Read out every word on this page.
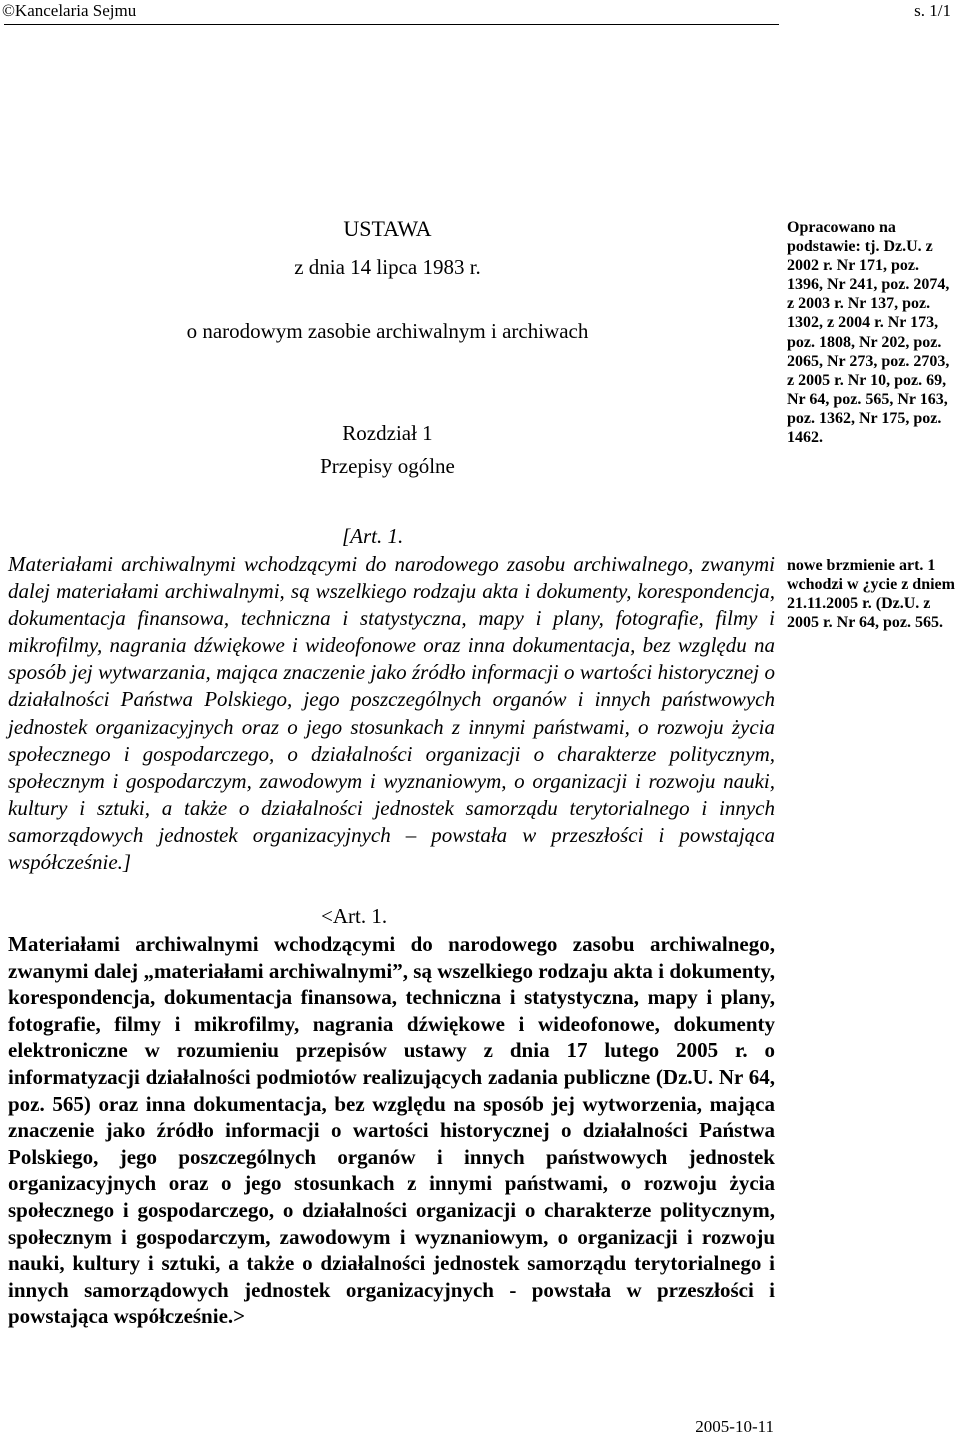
©Kancelaria Sejmu	s. 1/1
USTAWA
z dnia 14 lipca 1983 r.
o narodowym zasobie archiwalnym i archiwach
Rozdział 1
Przepisy ogólne
[Art. 1.
Materiałami archiwalnymi wchodzącymi do narodowego zasobu archiwalnego, zwanymi dalej materiałami archiwalnymi, są wszelkiego rodzaju akta i dokumenty, korespondencja, dokumentacja finansowa, techniczna i statystyczna, mapy i plany, fotografie, filmy i mikrofilmy, nagrania dźwiękowe i wideofonowe oraz inna dokumentacja, bez względu na sposób jej wytwarzania, mająca znaczenie jako źródło informacji o wartości historycznej o działalności Państwa Polskiego, jego poszczególnych organów i innych państwowych jednostek organizacyjnych oraz o jego stosunkach z innymi państwami, o rozwoju życia społecznego i gospodarczego, o działalności organizacji o charakterze politycznym, społecznym i gospodarczym, zawodowym i wyznaniowym, o organizacji i rozwoju nauki, kultury i sztuki, a także o działalności jednostek samorządu terytorialnego i innych samorządowych jednostek organizacyjnych – powstała w przeszłości i powstająca współcześnie.]
<Art. 1.
Materiałami archiwalnymi wchodzącymi do narodowego zasobu archiwalnego, zwanymi dalej „materiałami archiwalnymi”, są wszelkiego rodzaju akta i dokumenty, korespondencja, dokumentacja finansowa, techniczna i statystyczna, mapy i plany, fotografie, filmy i mikrofilmy, nagrania dźwiękowe i wideofonowe, dokumenty elektroniczne w rozumieniu przepisów ustawy z dnia 17 lutego 2005 r. o informatyzacji działalności podmiotów realizujących zadania publiczne (Dz.U. Nr 64, poz. 565) oraz inna dokumentacja, bez względu na sposób jej wytworzenia, mająca znaczenie jako źródło informacji o wartości historycznej o działalności Państwa Polskiego, jego poszczególnych organów i innych państwowych jednostek organizacyjnych oraz o jego stosunkach z innymi państwami, o rozwoju życia społecznego i gospodarczego, o działalności organizacji o charakterze politycznym, społecznym i gospodarczym, zawodowym i wyznaniowym, o organizacji i rozwoju nauki, kultury i sztuki, a także o działalności jednostek samorządu terytorialnego i innych samorządowych jednostek organizacyjnych - powstała w przeszłości i powstająca współcześnie.>
Opracowano na podstawie: tj. Dz.U. z 2002 r. Nr 171, poz. 1396, Nr 241, poz. 2074, z 2003 r. Nr 137, poz. 1302, z 2004 r. Nr 173, poz. 1808, Nr 202, poz. 2065, Nr 273, poz. 2703, z 2005 r. Nr 10, poz. 69, Nr 64, poz. 565, Nr 163, poz. 1362, Nr 175, poz. 1462.
nowe brzmienie art. 1 wchodzi w ¿ycie z dniem 21.11.2005 r. (Dz.U. z 2005 r. Nr 64, poz. 565.
2005-10-11
